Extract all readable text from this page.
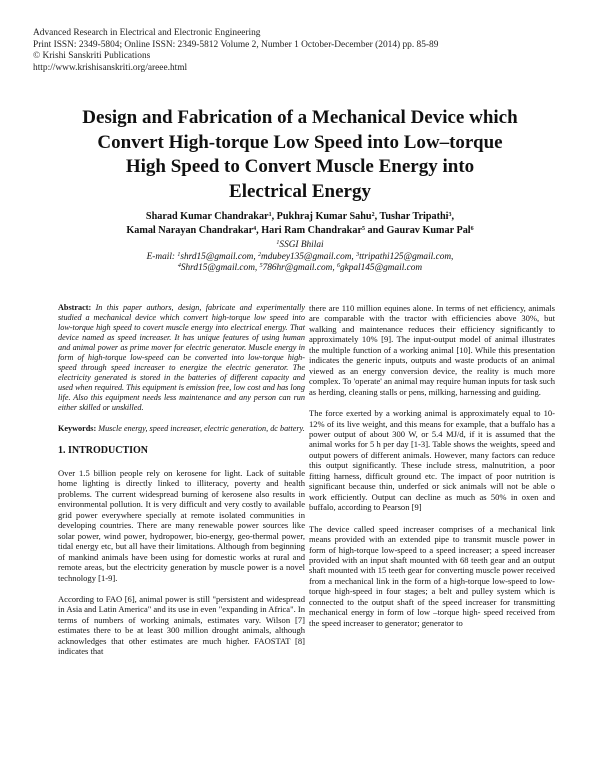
Advanced Research in Electrical and Electronic Engineering
Print ISSN: 2349-5804; Online ISSN: 2349-5812 Volume 2, Number 1 October-December (2014) pp. 85-89
© Krishi Sanskriti Publications
http://www.krishisanskriti.org/areee.html
Design and Fabrication of a Mechanical Device which
Convert High-torque Low Speed into Low–torque
High Speed to Convert Muscle Energy into
Electrical Energy
Sharad Kumar Chandrakar$^1$, Pukhraj Kumar Sahu$^2$, Tushar Tripathi$^3$,
Kamal Narayan Chandrakar$^4$, Hari Ram Chandrakar$^5$ and Gaurav Kumar Pal$^6$
$^1$SSGI Bhilai
E-mail: $^1$shrd15@gmail.com, $^2$mdubey135@gmail.com, $^3$ttripathi125@gmail.com,
$^4$Shrd15@gmail.com, $^5$786hr@gmail.com, $^6$gkpal145@gmail.com

Abstract: In this paper authors, design, fabricate and experimentally studied a mechanical device which convert high-torque low speed into low-torque high speed to covert muscle energy into electrical energy. That device named as speed increaser. It has unique features of using human and animal power as prime mover for electric generator. Muscle energy in form of high-torque low-speed can be converted into low-torque high-speed through speed increaser to energize the electric generator. The electricity generated is stored in the batteries of different capacity and used when required. This equipment is emission free, low cost and has long life. Also this equipment needs less maintenance and any person can run either skilled or unskilled.

Keywords: Muscle energy, speed increaser, electric generation, dc battery.

1. INTRODUCTION

Over 1.5 billion people rely on kerosene for light. Lack of suitable home lighting is directly linked to illiteracy, poverty and health problems. The current widespread burning of kerosene also results in environmental pollution. It is very difficult and very costly to available grid power everywhere specially at remote isolated communities in developing countries. There are many renewable power sources like solar power, wind power, hydropower, bio-energy, geo-thermal power, tidal energy etc, but all have their limitations. Although from beginning of mankind animals have been using for domestic works at rural and remote areas, but the electricity generation by muscle power is a novel technology [1-9].

According to FAO [6], animal power is still "persistent and widespread in Asia and Latin America" and its use in even "expanding in Africa". In terms of numbers of working animals, estimates vary. Wilson [7] estimates there to be at least 300 million drought animals, although acknowledges that other estimates are much higher. FAOSTAT [8] indicates that

there are 110 million equines alone. In terms of net efficiency, animals are comparable with the tractor with efficiencies above 30%, but walking and maintenance reduces their efficiency significantly to approximately 10% [9]. The input-output model of animal illustrates the multiple function of a working animal [10]. While this presentation indicates the generic inputs, outputs and waste products of an animal viewed as an energy conversion device, the reality is much more complex. To 'operate' an animal may require human inputs for task such as herding, cleaning stalls or pens, milking, harnessing and guiding.

The force exerted by a working animal is approximately equal to 10-12% of its live weight, and this means for example, that a buffalo has a power output of about 300 W, or 5.4 MJ/d, if it is assumed that the animal works for 5 h per day [1-3]. Table shows the weights, speed and output powers of different animals. However, many factors can reduce this output significantly. These include stress, malnutrition, a poor fitting harness, difficult ground etc. The impact of poor nutrition is significant because thin, underfed or sick animals will not be able o work efficiently. Output can decline as much as 50% in oxen and buffalo, according to Pearson [9]

The device called speed increaser comprises of a mechanical link means provided with an extended pipe to transmit muscle power in form of high-torque low-speed to a speed increaser; a speed increaser provided with an input shaft mounted with 68 teeth gear and an output shaft mounted with 15 teeth gear for converting muscle power received from a mechanical link in the form of a high-torque low-speed to low-torque high-speed in four stages; a belt and pulley system which is connected to the output shaft of the speed increaser for transmitting mechanical energy in form of low –torque high- speed received from the speed increaser to generator; generator to
